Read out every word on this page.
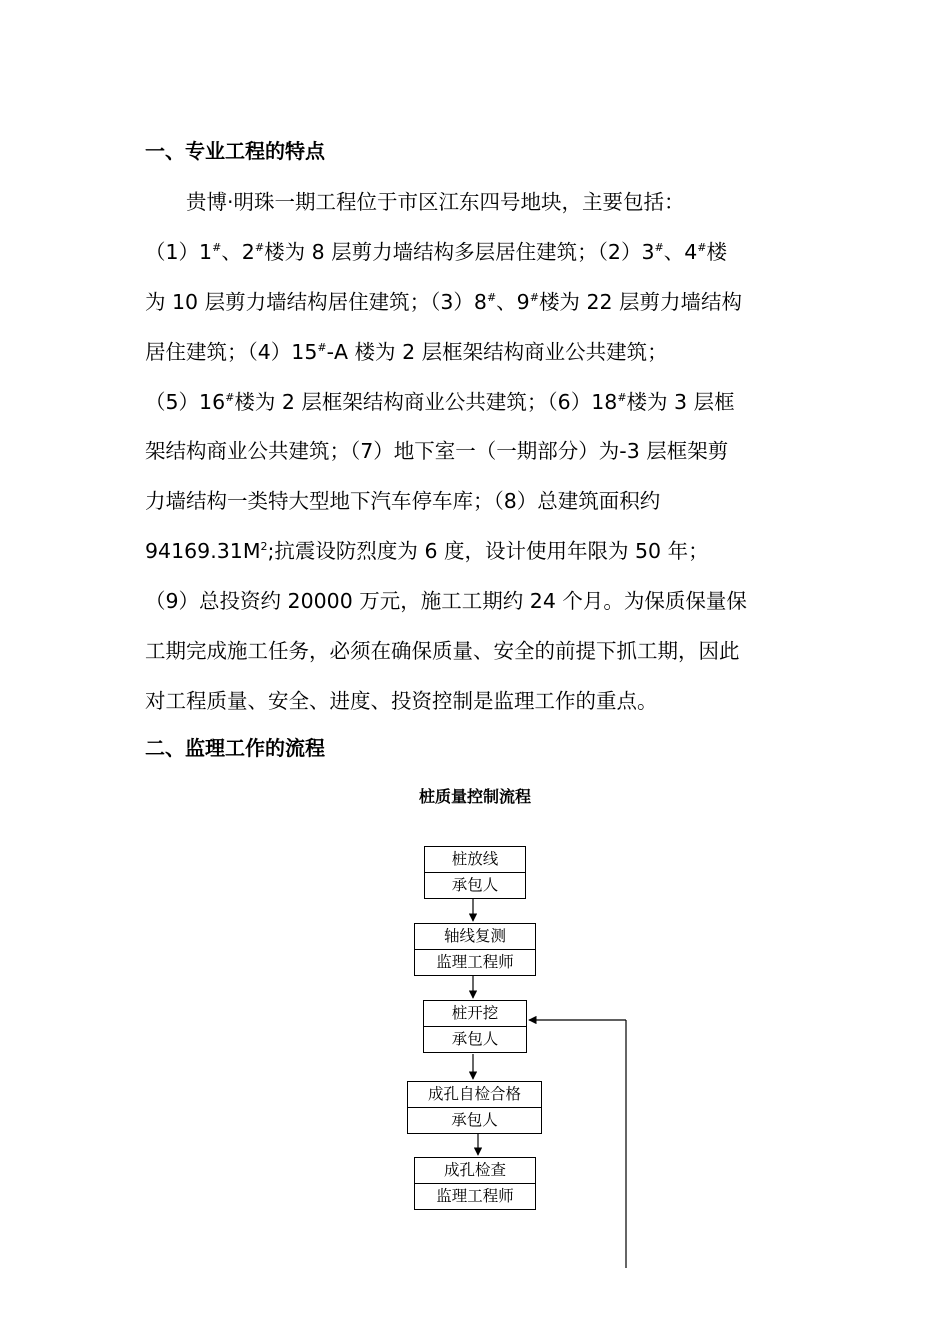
一、专业工程的特点
贵博·明珠一期工程位于市区江东四号地块，主要包括：
（1）1#、2#楼为 8 层剪力墙结构多层居住建筑；（2）3#、4#楼
为 10 层剪力墙结构居住建筑；（3）8#、9#楼为 22 层剪力墙结构
居住建筑；（4）15#-A 楼为 2 层框架结构商业公共建筑；
（5）16#楼为 2 层框架结构商业公共建筑；（6）18#楼为 3 层框
架结构商业公共建筑；（7）地下室一（一期部分）为-3 层框架剪
力墙结构一类特大型地下汽车停车库；（8）总建筑面积约
$94169.31M^2$;抗震设防烈度为 6 度，设计使用年限为 50 年；
（9）总投资约 20000 万元，施工工期约 24 个月。为保质保量保
工期完成施工任务，必须在确保质量、安全的前提下抓工期，因此
对工程质量、安全、进度、投资控制是监理工作的重点。
二、监理工作的流程
桩质量控制流程
桩放线
承包人
轴线复测
监理工程师
桩开挖
承包人
成孔自检合格
承包人
成孔检查
监理工程师
